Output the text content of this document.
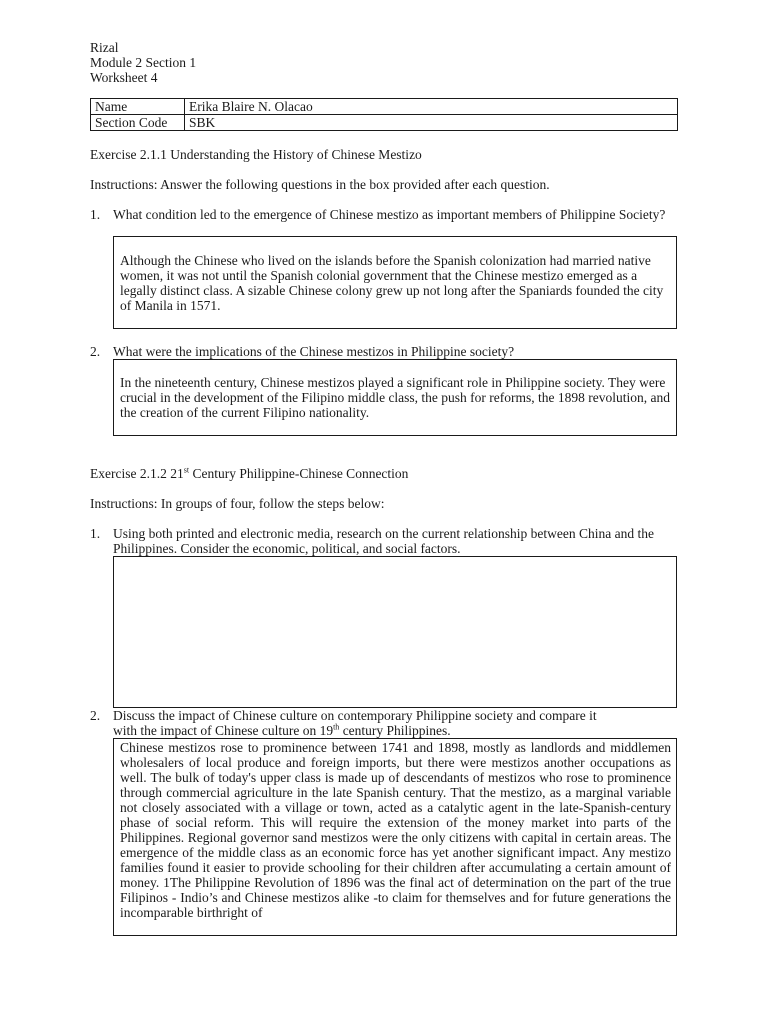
Rizal
Module 2 Section 1
Worksheet 4
Name	Erika Blaire N. Olacao
Section Code	SBK
Exercise 2.1.1 Understanding the History of Chinese Mestizo
Instructions: Answer the following questions in the box provided after each question.
1. What condition led to the emergence of Chinese mestizo as important members of Philippine Society?

Although the Chinese who lived on the islands before the Spanish colonization had married native women, it was not until the Spanish colonial government that the Chinese mestizo emerged as a legally distinct class. A sizable Chinese colony grew up not long after the Spaniards founded the city of Manila in 1571.

2. What were the implications of the Chinese mestizos in Philippine society?

In the nineteenth century, Chinese mestizos played a significant role in Philippine society. They were crucial in the development of the Filipino middle class, the push for reforms, the 1898 revolution, and the creation of the current Filipino nationality.

Exercise 2.1.2 21st Century Philippine-Chinese Connection
Instructions: In groups of four, follow the steps below:
1. Using both printed and electronic media, research on the current relationship between China and the Philippines. Consider the economic, political, and social factors.

2. Discuss the impact of Chinese culture on contemporary Philippine society and compare it
with the impact of Chinese culture on 19th century Philippines.

Chinese mestizos rose to prominence between 1741 and 1898, mostly as landlords and middlemen wholesalers of local produce and foreign imports, but there were mestizos another occupations as well. The bulk of today's upper class is made up of descendants of mestizos who rose to prominence through commercial agriculture in the late Spanish century. That the mestizo, as a marginal variable not closely associated with a village or town, acted as a catalytic agent in the late-Spanish-century phase of social reform. This will require the extension of the money market into parts of the Philippines. Regional governor sand mestizos were the only citizens with capital in certain areas. The emergence of the middle class as an economic force has yet another significant impact. Any mestizo families found it easier to provide schooling for their children after accumulating a certain amount of money. 1The Philippine Revolution of 1896 was the final act of determination on the part of the true Filipinos - Indio’s and Chinese mestizos alike -to claim for themselves and for future generations the incomparable birthright of
